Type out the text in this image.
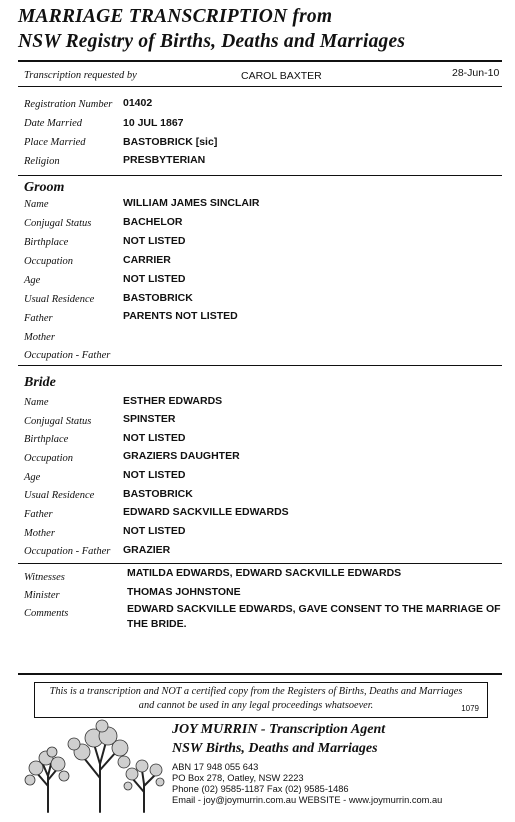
MARRIAGE TRANSCRIPTION from
NSW Registry of Births, Deaths and Marriages
Transcription requested by	CAROL BAXTER	28-Jun-10
Registration Number 01402
Date Married	10 JUL 1867
Place Married	BASTOBRICK [sic]
Religion	PRESBYTERIAN
Groom
Name	WILLIAM JAMES SINCLAIR
Conjugal Status	BACHELOR
Birthplace	NOT LISTED
Occupation	CARRIER
Age	NOT LISTED
Usual Residence	BASTOBRICK
Father	PARENTS NOT LISTED
Mother
Occupation - Father
Bride
Name	ESTHER EDWARDS
Conjugal Status	SPINSTER
Birthplace	NOT LISTED
Occupation	GRAZIERS DAUGHTER
Age	NOT LISTED
Usual Residence	BASTOBRICK
Father	EDWARD SACKVILLE EDWARDS
Mother	NOT LISTED
Occupation - Father GRAZIER
Witnesses	MATILDA EDWARDS, EDWARD SACKVILLE EDWARDS
Minister	THOMAS JOHNSTONE
Comments	EDWARD SACKVILLE EDWARDS, GAVE CONSENT TO THE MARRIAGE OF THE BRIDE.
This is a transcription and NOT a certified copy from the Registers of Births, Deaths and Marriages and cannot be used in any legal proceedings whatsoever.	1079
JOY MURRIN - Transcription Agent
NSW Births, Deaths and Marriages
ABN 17 948 055 643
PO Box 278, Oatley, NSW 2223
Phone (02) 9585-1187 Fax (02) 9585-1486
Email - joy@joymurrin.com.au WEBSITE - www.joymurrin.com.au
